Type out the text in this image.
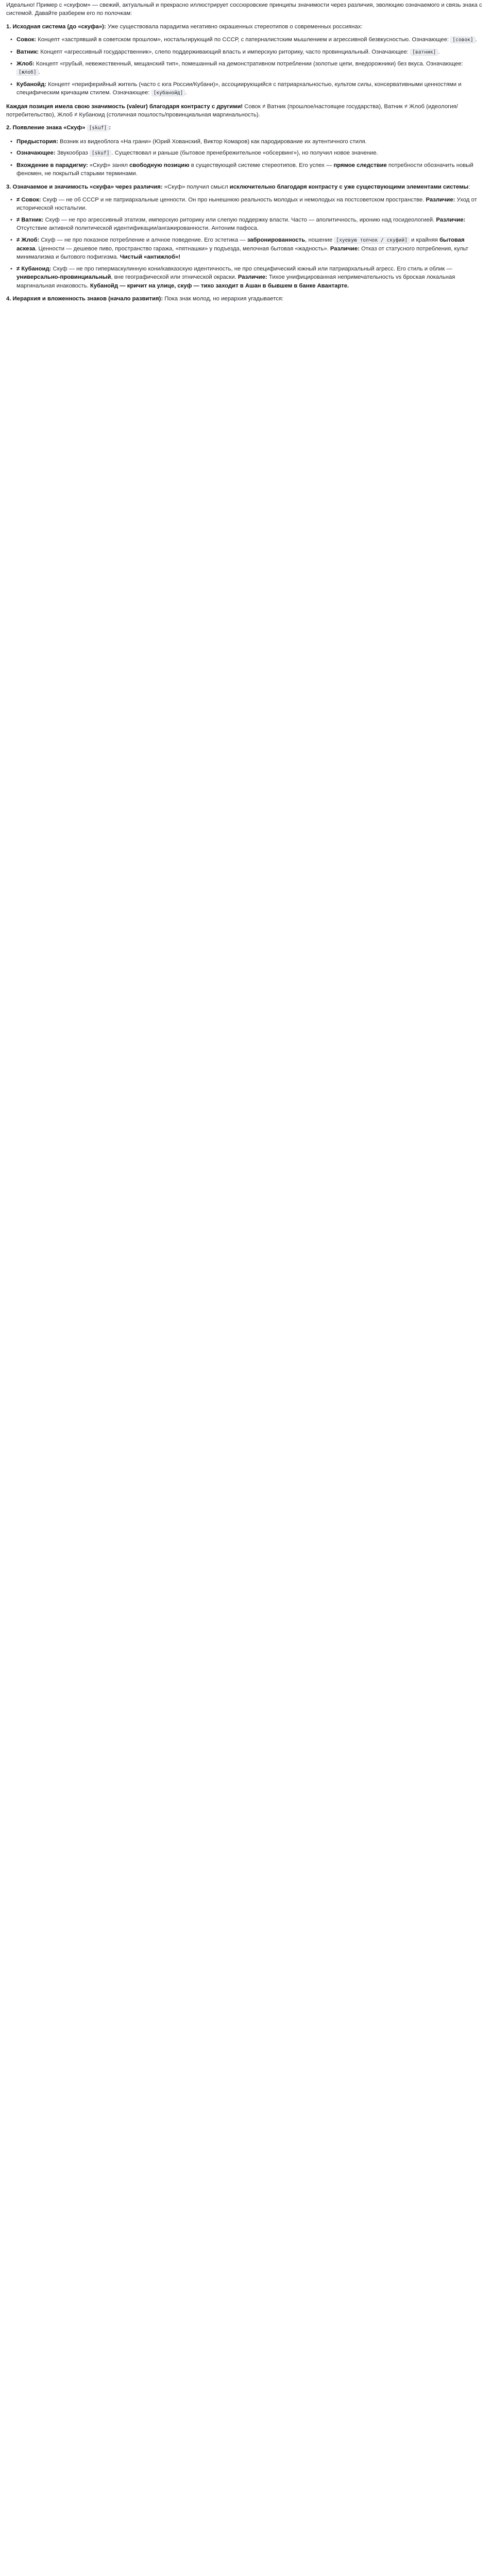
Идеально! Пример с «скуфом» — свежий, актуальный и прекрасно иллюстрирует соссюровские принципы значимости через различия, эволюцию означаемого и связь знака с системой. Давайте разберем его по полочкам:

1. Исходная система (до «скуфа»): Уже существовала парадигма негативно окрашенных стереотипов о современных россиянах:

• Совок: Концепт «застрявший в советском прошлом», ностальгирующий по СССР, с патерналистским мышлением и агрессивной безвкусностью. Означающее: [совок] .
• Ватник: Концепт «агрессивный государственник», слепо поддерживающий власть и имперскую риторику, часто провинциальный. Означающее: [ватник] .
• Жлоб: Концепт «грубый, невежественный, мещанский тип», помешанный на демонстративном потреблении (золотые цепи, внедорожники) без вкуса. Означающее: [жлоб] .
• Кубанойд: Концепт «периферийный житель (часто с юга России/Кубани)», ассоциирующийся с патриархальностью, культом силы, консервативными ценностями и специфическим кричащим стилем. Означающее: [кубанойд] .

Каждая позиция имела свою значимость (valeur) благодаря контрасту с другими! Совок ≠ Ватник (прошлое/настоящее государства), Ватник ≠ Жлоб (идеология/потребительство), Жлоб ≠ Кубаноид (столичная пошлость/провинциальная маргинальность).

2. Появление знака «Скуф» [skuf] :

• Предыстория: Возник из видеоблога «На грани» (Юрий Хованский, Виктор Комаров) как пародирование их аутентичного стиля.
• Означающее: Звукообраз [skuf] . Существовал и раньше (бытовое пренебрежительное «обсервинг»), но получил новое значение.
• Вхождение в парадигму: «Скуф» занял свободную позицию в существующей системе стереотипов. Его успех — прямое следствие потребности обозначить новый феномен, не покрытый старыми терминами.

3. Означаемое и значимость «скуфа» через различия: «Скуф» получил смысл исключительно благодаря контрасту с уже существующими элементами системы:

• ≠ Совок: Скуф — не об СССР и не патриархальные ценности. Он про нынешнюю реальность молодых и немолодых на постсоветском пространстве. Различие: Уход от исторической ностальгии.
• ≠ Ватник: Скуф — не про агрессивный этатизм, имперскую риторику или слепую поддержку власти. Часто — аполитичность, иронию над госидеологией. Различие: Отсутствие активной политической идентификации/ангажированности. Антоним пафоса.
• ≠ Жлоб: Скуф — не про показное потребление и алчное поведение. Его эстетика — забронированность, ношение [хуевую толчок / скуфий] и крайняя бытовая аскеза. Ценности — дешевое пиво, пространство гаража, «пятнашки» у подъезда, мелочная бытовая «жадность». Различие: Отказ от статусного потребления, культ минимализма и бытового пофигизма. Чистый «антижлоб»!
• ≠ Кубаноид: Скуф — не про гипермаскулинную кони/кавказскую идентичность, не про специфический южный или патриархальный агресс. Его стиль и облик — универсально-провинциальный, вне географической или этнической окраски. Различие: Тихое унифицированная непримечательность vs броская локальная маргинальная инаковость. Кубанойд — кричит на улице, скуф — тихо заходит в Ашан в бывшем в банке Авантарте.

4. Иерархия и вложенность знаков (начало развития): Пока знак молод, но иерархия угадывается:
